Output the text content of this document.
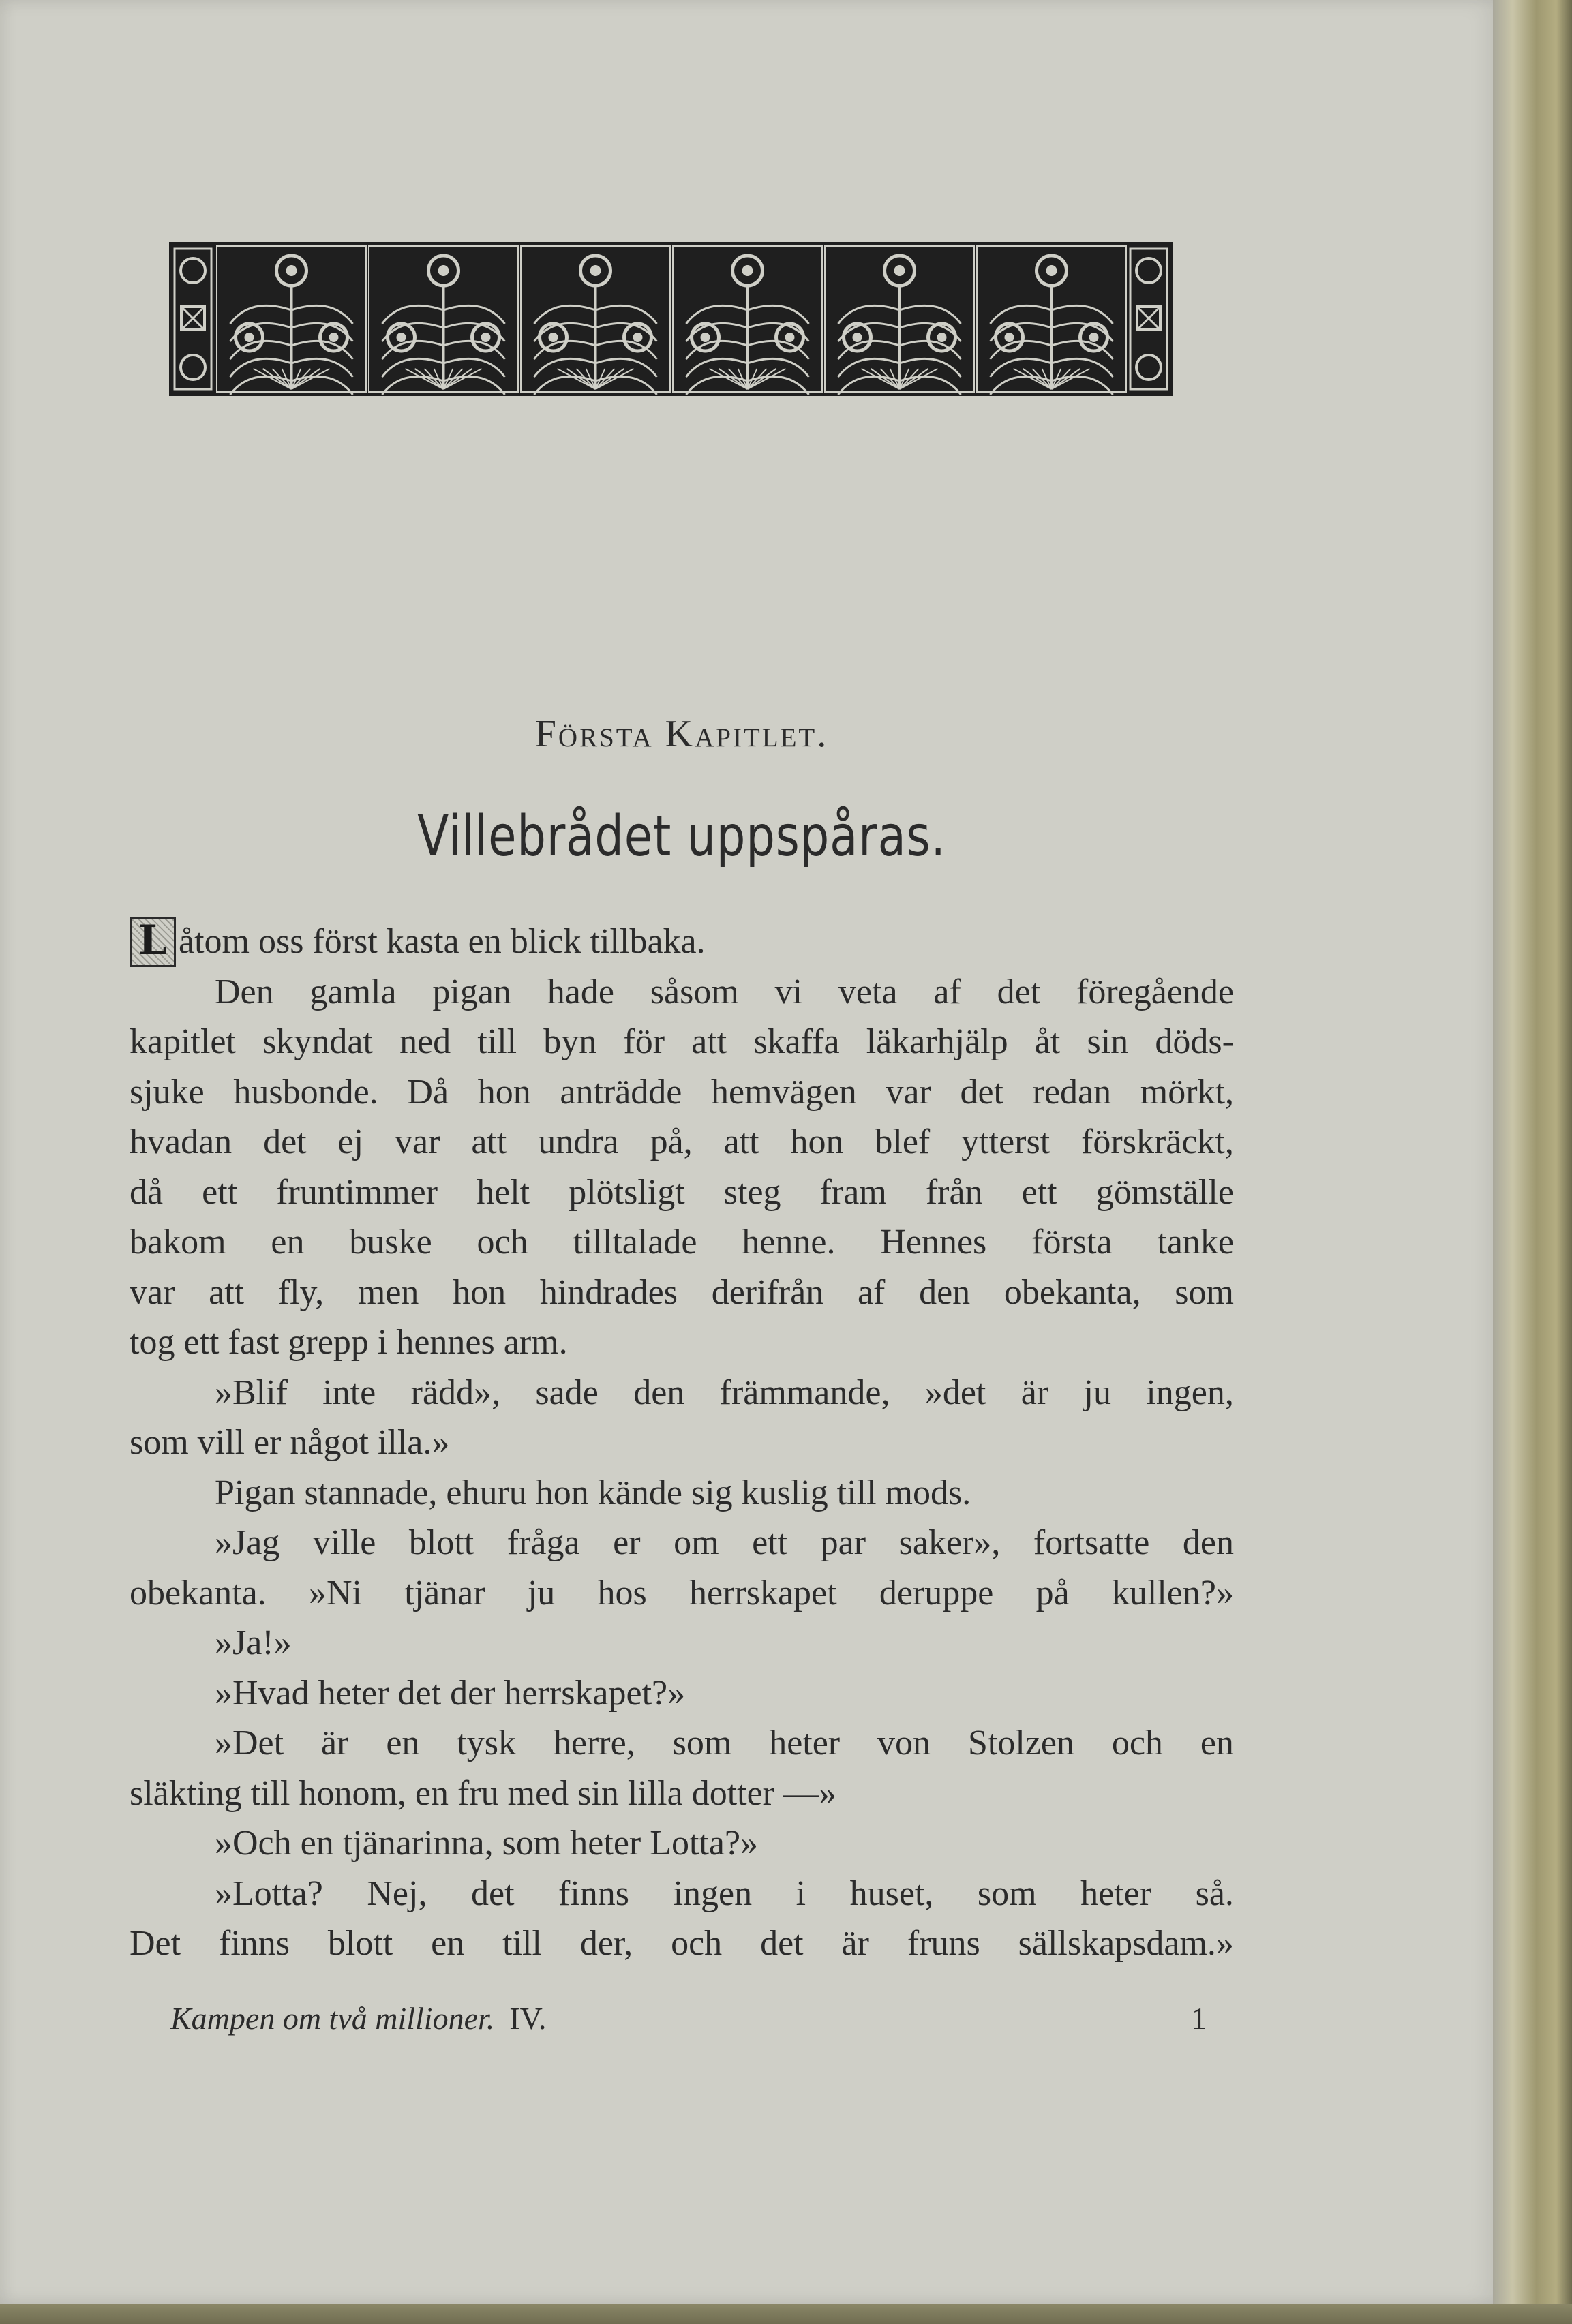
Första Kapitlet.
Villebrådet uppspåras.
L åtom oss först kasta en blick tillbaka.
Den gamla pigan hade såsom vi veta af det föregående
kapitlet skyndat ned till byn för att skaffa läkarhjälp åt sin döds-
sjuke husbonde. Då hon anträdde hemvägen var det redan mörkt,
hvadan det ej var att undra på, att hon blef ytterst förskräckt,
då ett fruntimmer helt plötsligt steg fram från ett gömställe
bakom en buske och tilltalade henne. Hennes första tanke
var att fly, men hon hindrades derifrån af den obekanta, som
tog ett fast grepp i hennes arm.
»Blif inte rädd», sade den främmande, »det är ju ingen,
som vill er något illa.»
Pigan stannade, ehuru hon kände sig kuslig till mods.
»Jag ville blott fråga er om ett par saker», fortsatte den
obekanta. »Ni tjänar ju hos herrskapet deruppe på kullen?»
»Ja!»
»Hvad heter det der herrskapet?»
»Det är en tysk herre, som heter von Stolzen och en
släkting till honom, en fru med sin lilla dotter —»
»Och en tjänarinna, som heter Lotta?»
»Lotta? Nej, det finns ingen i huset, som heter så.
Det finns blott en till der, och det är fruns sällskapsdam.»
Kampen om två millioner. IV.	1
